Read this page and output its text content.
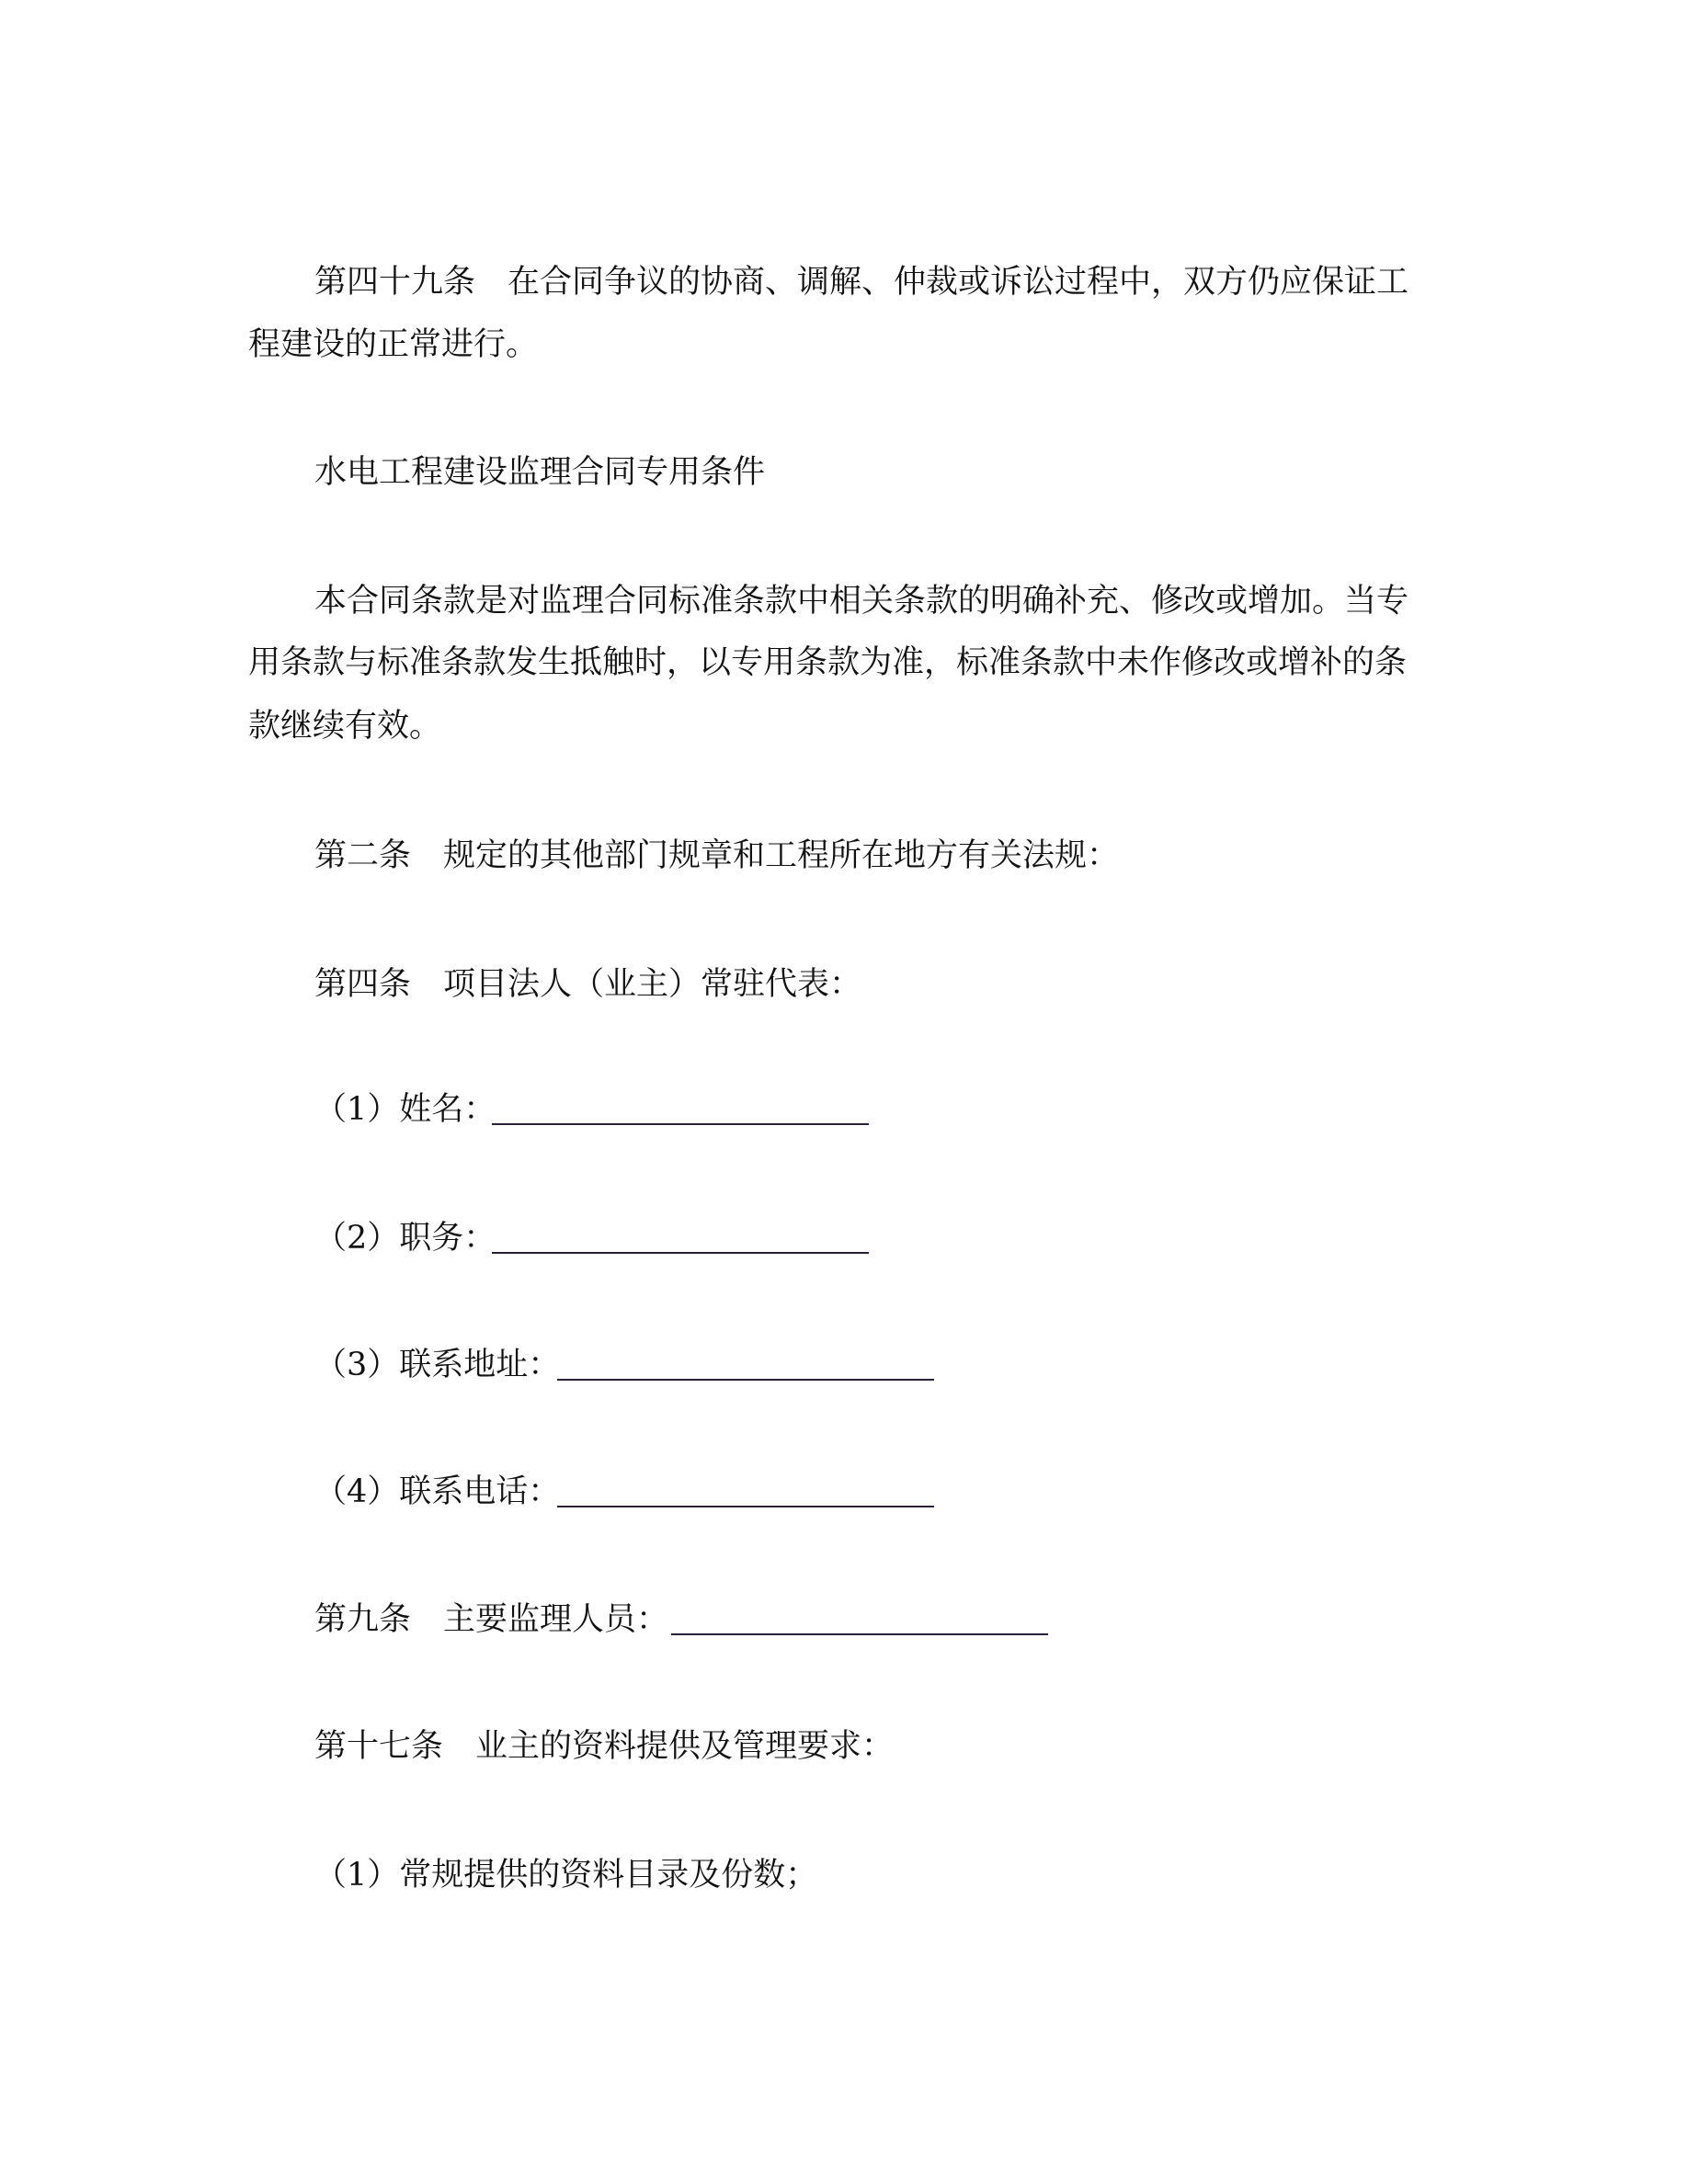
第四十九条　在合同争议的协商、调解、仲裁或诉讼过程中，双方仍应保证工
程建设的正常进行。
水电工程建设监理合同专用条件
本合同条款是对监理合同标准条款中相关条款的明确补充、修改或增加。当专
用条款与标准条款发生抵触时，以专用条款为准，标准条款中未作修改或增补的条
款继续有效。
第二条　规定的其他部门规章和工程所在地方有关法规：
第四条　项目法人（业主）常驻代表：
（1）姓名：
（2）职务：
（3）联系地址：
（4）联系电话：
第九条　主要监理人员：
第十七条　业主的资料提供及管理要求：
（1）常规提供的资料目录及份数；
